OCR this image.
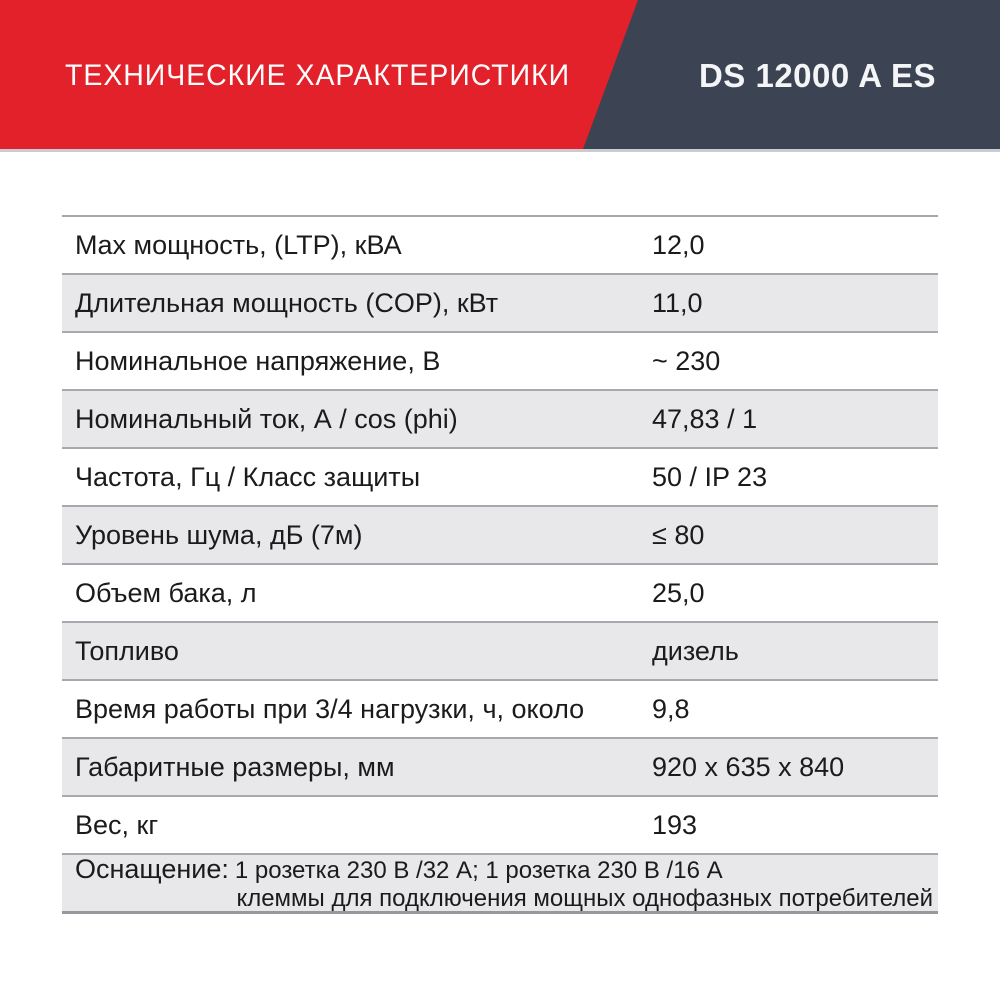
ТЕХНИЧЕСКИЕ ХАРАКТЕРИСТИКИ	DS 12000 A ES
Max мощность, (LTP), кВА	12,0
Длительная мощность (COP), кВт	11,0
Номинальное напряжение, В	~ 230
Номинальный ток, А / cos (phi)	47,83 / 1
Частота, Гц / Класс защиты	50 / IP 23
Уровень шума, дБ (7м)	≤ 80
Объем бака, л	25,0
Топливо	дизель
Время работы при 3/4 нагрузки, ч, около	9,8
Габаритные размеры, мм	920 х 635 х 840
Вес, кг	193
Оснащение: 1 розетка 230 В /32 А; 1 розетка 230 В /16 А
клеммы для подключения мощных однофазных потребителей
